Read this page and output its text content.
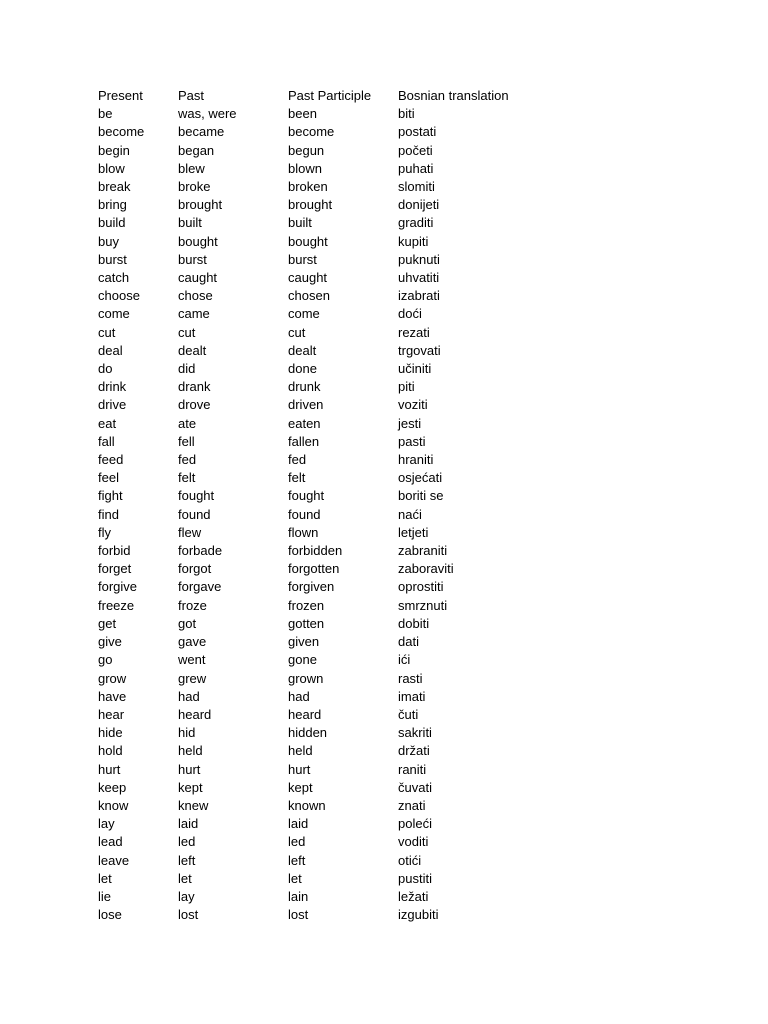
Present	Past	Past Participle	Bosnian translation
be	was, were	been	biti
become	became	become	postati
begin	began	begun	početi
blow	blew	blown	puhati
break	broke	broken	slomiti
bring	brought	brought	donijeti
build	built	built	graditi
buy	bought	bought	kupiti
burst	burst	burst	puknuti
catch	caught	caught	uhvatiti
choose	chose	chosen	izabrati
come	came	come	doći
cut	cut	cut	rezati
deal	dealt	dealt	trgovati
do	did	done	učiniti
drink	drank	drunk	piti
drive	drove	driven	voziti
eat	ate	eaten	jesti
fall	fell	fallen	pasti
feed	fed	fed	hraniti
feel	felt	felt	osjećati
fight	fought	fought	boriti se
find	found	found	naći
fly	flew	flown	letjeti
forbid	forbade	forbidden	zabraniti
forget	forgot	forgotten	zaboraviti
forgive	forgave	forgiven	oprostiti
freeze	froze	frozen	smrznuti
get	got	gotten	dobiti
give	gave	given	dati
go	went	gone	ići
grow	grew	grown	rasti
have	had	had	imati
hear	heard	heard	čuti
hide	hid	hidden	sakriti
hold	held	held	držati
hurt	hurt	hurt	raniti
keep	kept	kept	čuvati
know	knew	known	znati
lay	laid	laid	poleći
lead	led	led	voditi
leave	left	left	otići
let	let	let	pustiti
lie	lay	lain	ležati
lose	lost	lost	izgubiti
